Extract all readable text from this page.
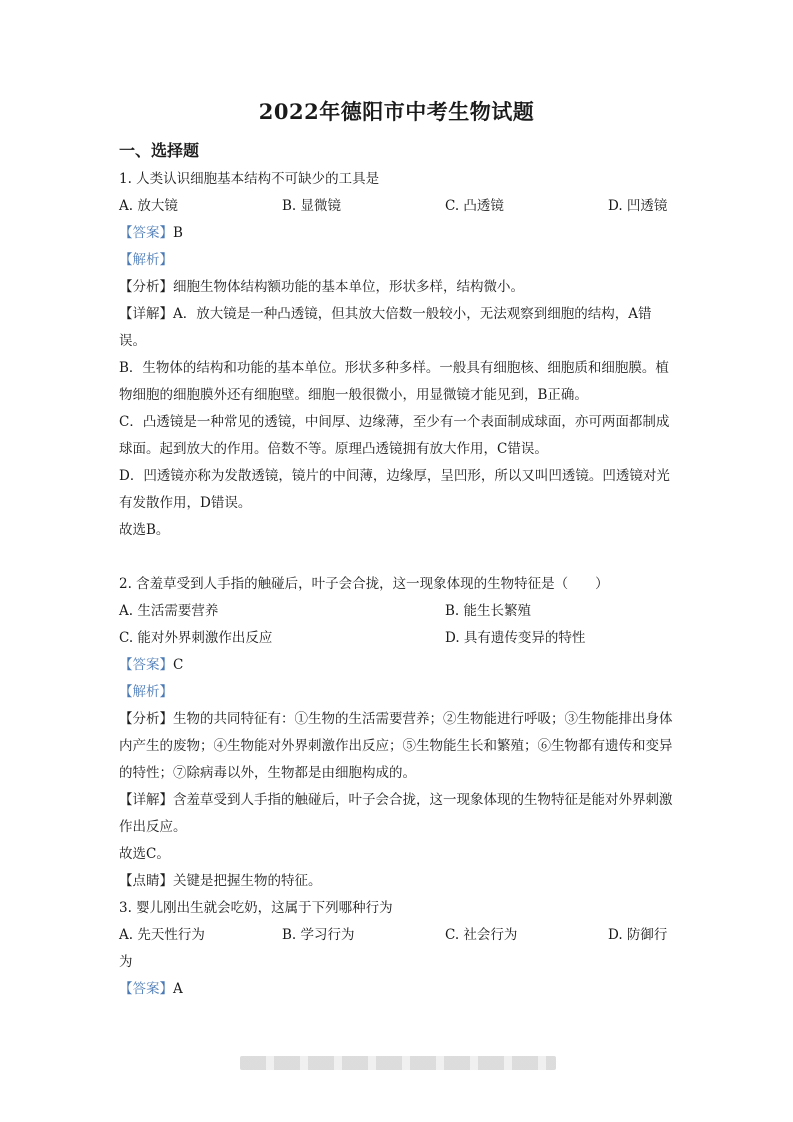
2022年德阳市中考生物试题
一、选择题
1. 人类认识细胞基本结构不可缺少的工具是
A. 放大镜	B. 显微镜	C. 凸透镜	D. 凹透镜
【答案】B
【解析】
【分析】细胞生物体结构额功能的基本单位，形状多样，结构微小。
【详解】A．放大镜是一种凸透镜，但其放大倍数一般较小，无法观察到细胞的结构，A错误。
B．生物体的结构和功能的基本单位。形状多种多样。一般具有细胞核、细胞质和细胞膜。植物细胞的细胞膜外还有细胞壁。细胞一般很微小，用显微镜才能见到，B正确。
C．凸透镜是一种常见的透镜，中间厚、边缘薄，至少有一个表面制成球面，亦可两面都制成球面。起到放大的作用。倍数不等。原理凸透镜拥有放大作用，C错误。
D．凹透镜亦称为发散透镜，镜片的中间薄，边缘厚，呈凹形，所以又叫凹透镜。凹透镜对光有发散作用，D错误。
故选B。
2. 含羞草受到人手指的触碰后，叶子会合拢，这一现象体现的生物特征是（　　）
A. 生活需要营养	B. 能生长繁殖
C. 能对外界刺激作出反应	D. 具有遗传变异的特性
【答案】C
【解析】
【分析】生物的共同特征有：①生物的生活需要营养；②生物能进行呼吸；③生物能排出身体内产生的废物；④生物能对外界刺激作出反应；⑤生物能生长和繁殖；⑥生物都有遗传和变异的特性；⑦除病毒以外，生物都是由细胞构成的。
【详解】含羞草受到人手指的触碰后，叶子会合拢，这一现象体现的生物特征是能对外界刺激作出反应。
故选C。
【点睛】关键是把握生物的特征。
3. 婴儿刚出生就会吃奶，这属于下列哪种行为
A. 先天性行为	B. 学习行为	C. 社会行为	D. 防御行
为
【答案】A
